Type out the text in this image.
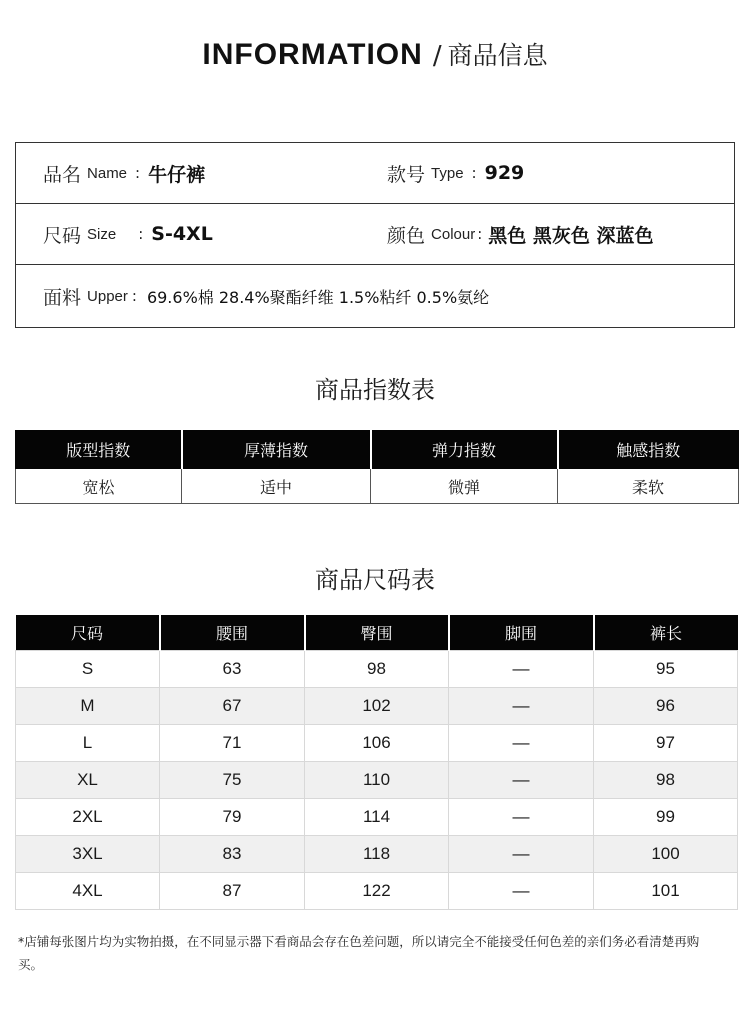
INFORMATION / 商品信息
品名 Name : 牛仔裤	款号 Type : 929
尺码 Size : S-4XL	颜色 Colour : 黑色 黑灰色 深蓝色
面料 Upper : 69.6%棉 28.4%聚酯纤维 1.5%粘纤 0.5%氨纶
商品指数表
版型指数	厚薄指数	弹力指数	触感指数
宽松	适中	微弹	柔软
商品尺码表
尺码	腰围	臀围	脚围	裤长
S	63	98	—	95
M	67	102	—	96
L	71	106	—	97
XL	75	110	—	98
2XL	79	114	—	99
3XL	83	118	—	100
4XL	87	122	—	101
*店铺每张图片均为实物拍摄，在不同显示器下看商品会存在色差问题，所以请完全不能接受任何色差的亲们务必看清楚再购买。
